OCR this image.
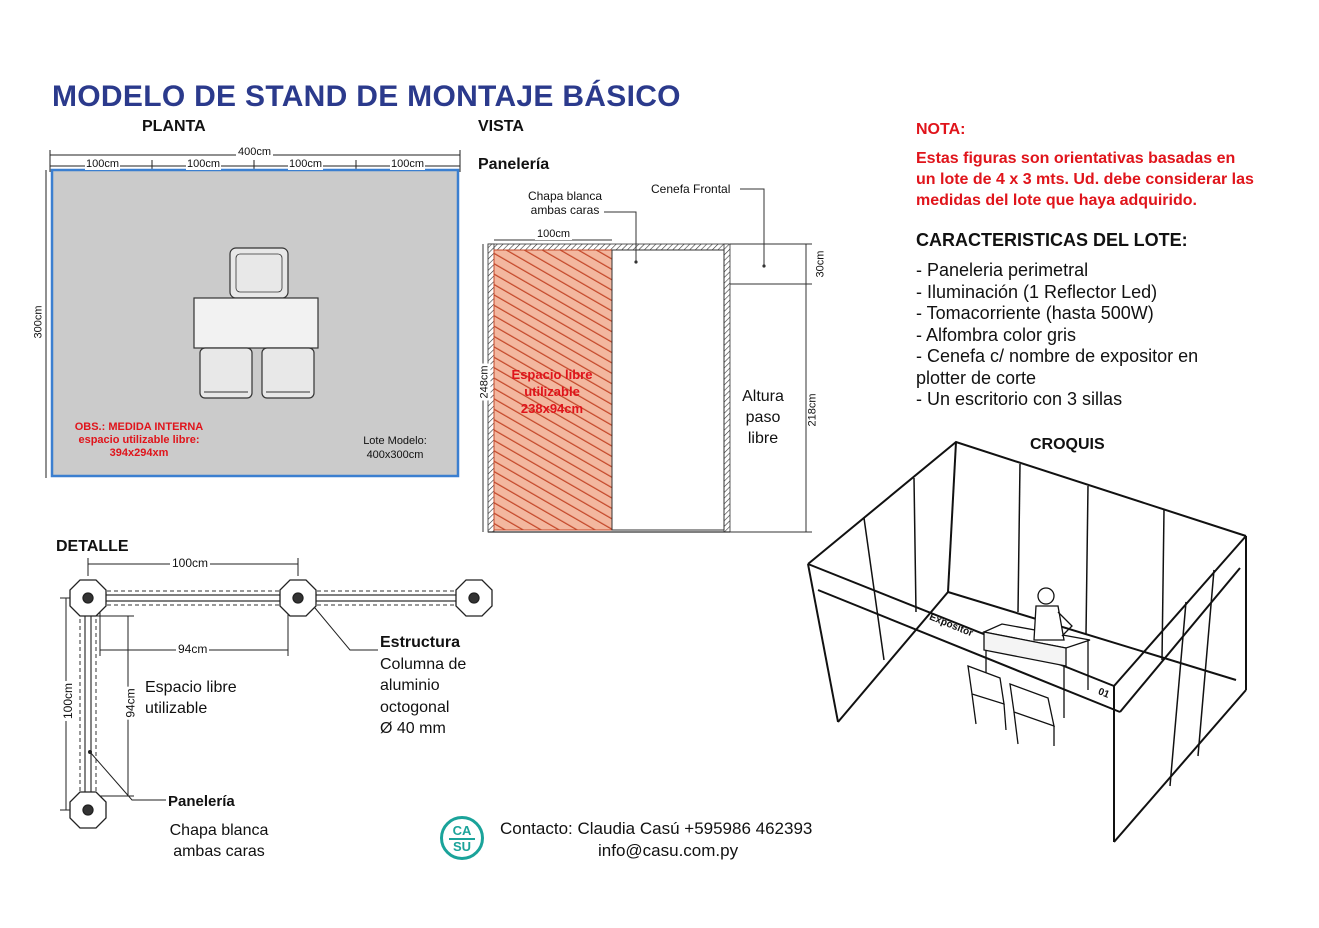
MODELO DE STAND DE MONTAJE BÁSICO
PLANTA
400cm
100cm	100cm	100cm	100cm
300cm
OBS.: MEDIDA INTERNA
espacio utilizable libre:
394x294xm
Lote Modelo:
400x300cm
VISTA
Panelería
Chapa blanca
ambas caras
Cenefa Frontal
100cm
248cm	Espacio libre
utilizable
238x94cm
30cm
218cm
Altura
paso
libre
NOTA:
Estas figuras son orientativas basadas en
un lote de 4 x 3 mts. Ud. debe considerar las
medidas del lote que haya adquirido.
CARACTERISTICAS DEL LOTE:
- Paneleria perimetral
- Iluminación (1 Reflector Led)
- Tomacorriente (hasta 500W)
- Alfombra color gris
- Cenefa c/ nombre de expositor en
plotter de corte
- Un escritorio con 3 sillas
CROQUIS
Expositor
01
DETALLE
100cm
94cm
100cm	94cm
Espacio libre
utilizable
Estructura
Columna de
aluminio
octogonal
Ø 40 mm
Panelería
Chapa blanca
ambas caras
CA
SU
Contacto: Claudia Casú +595986 462393
info@casu.com.py
